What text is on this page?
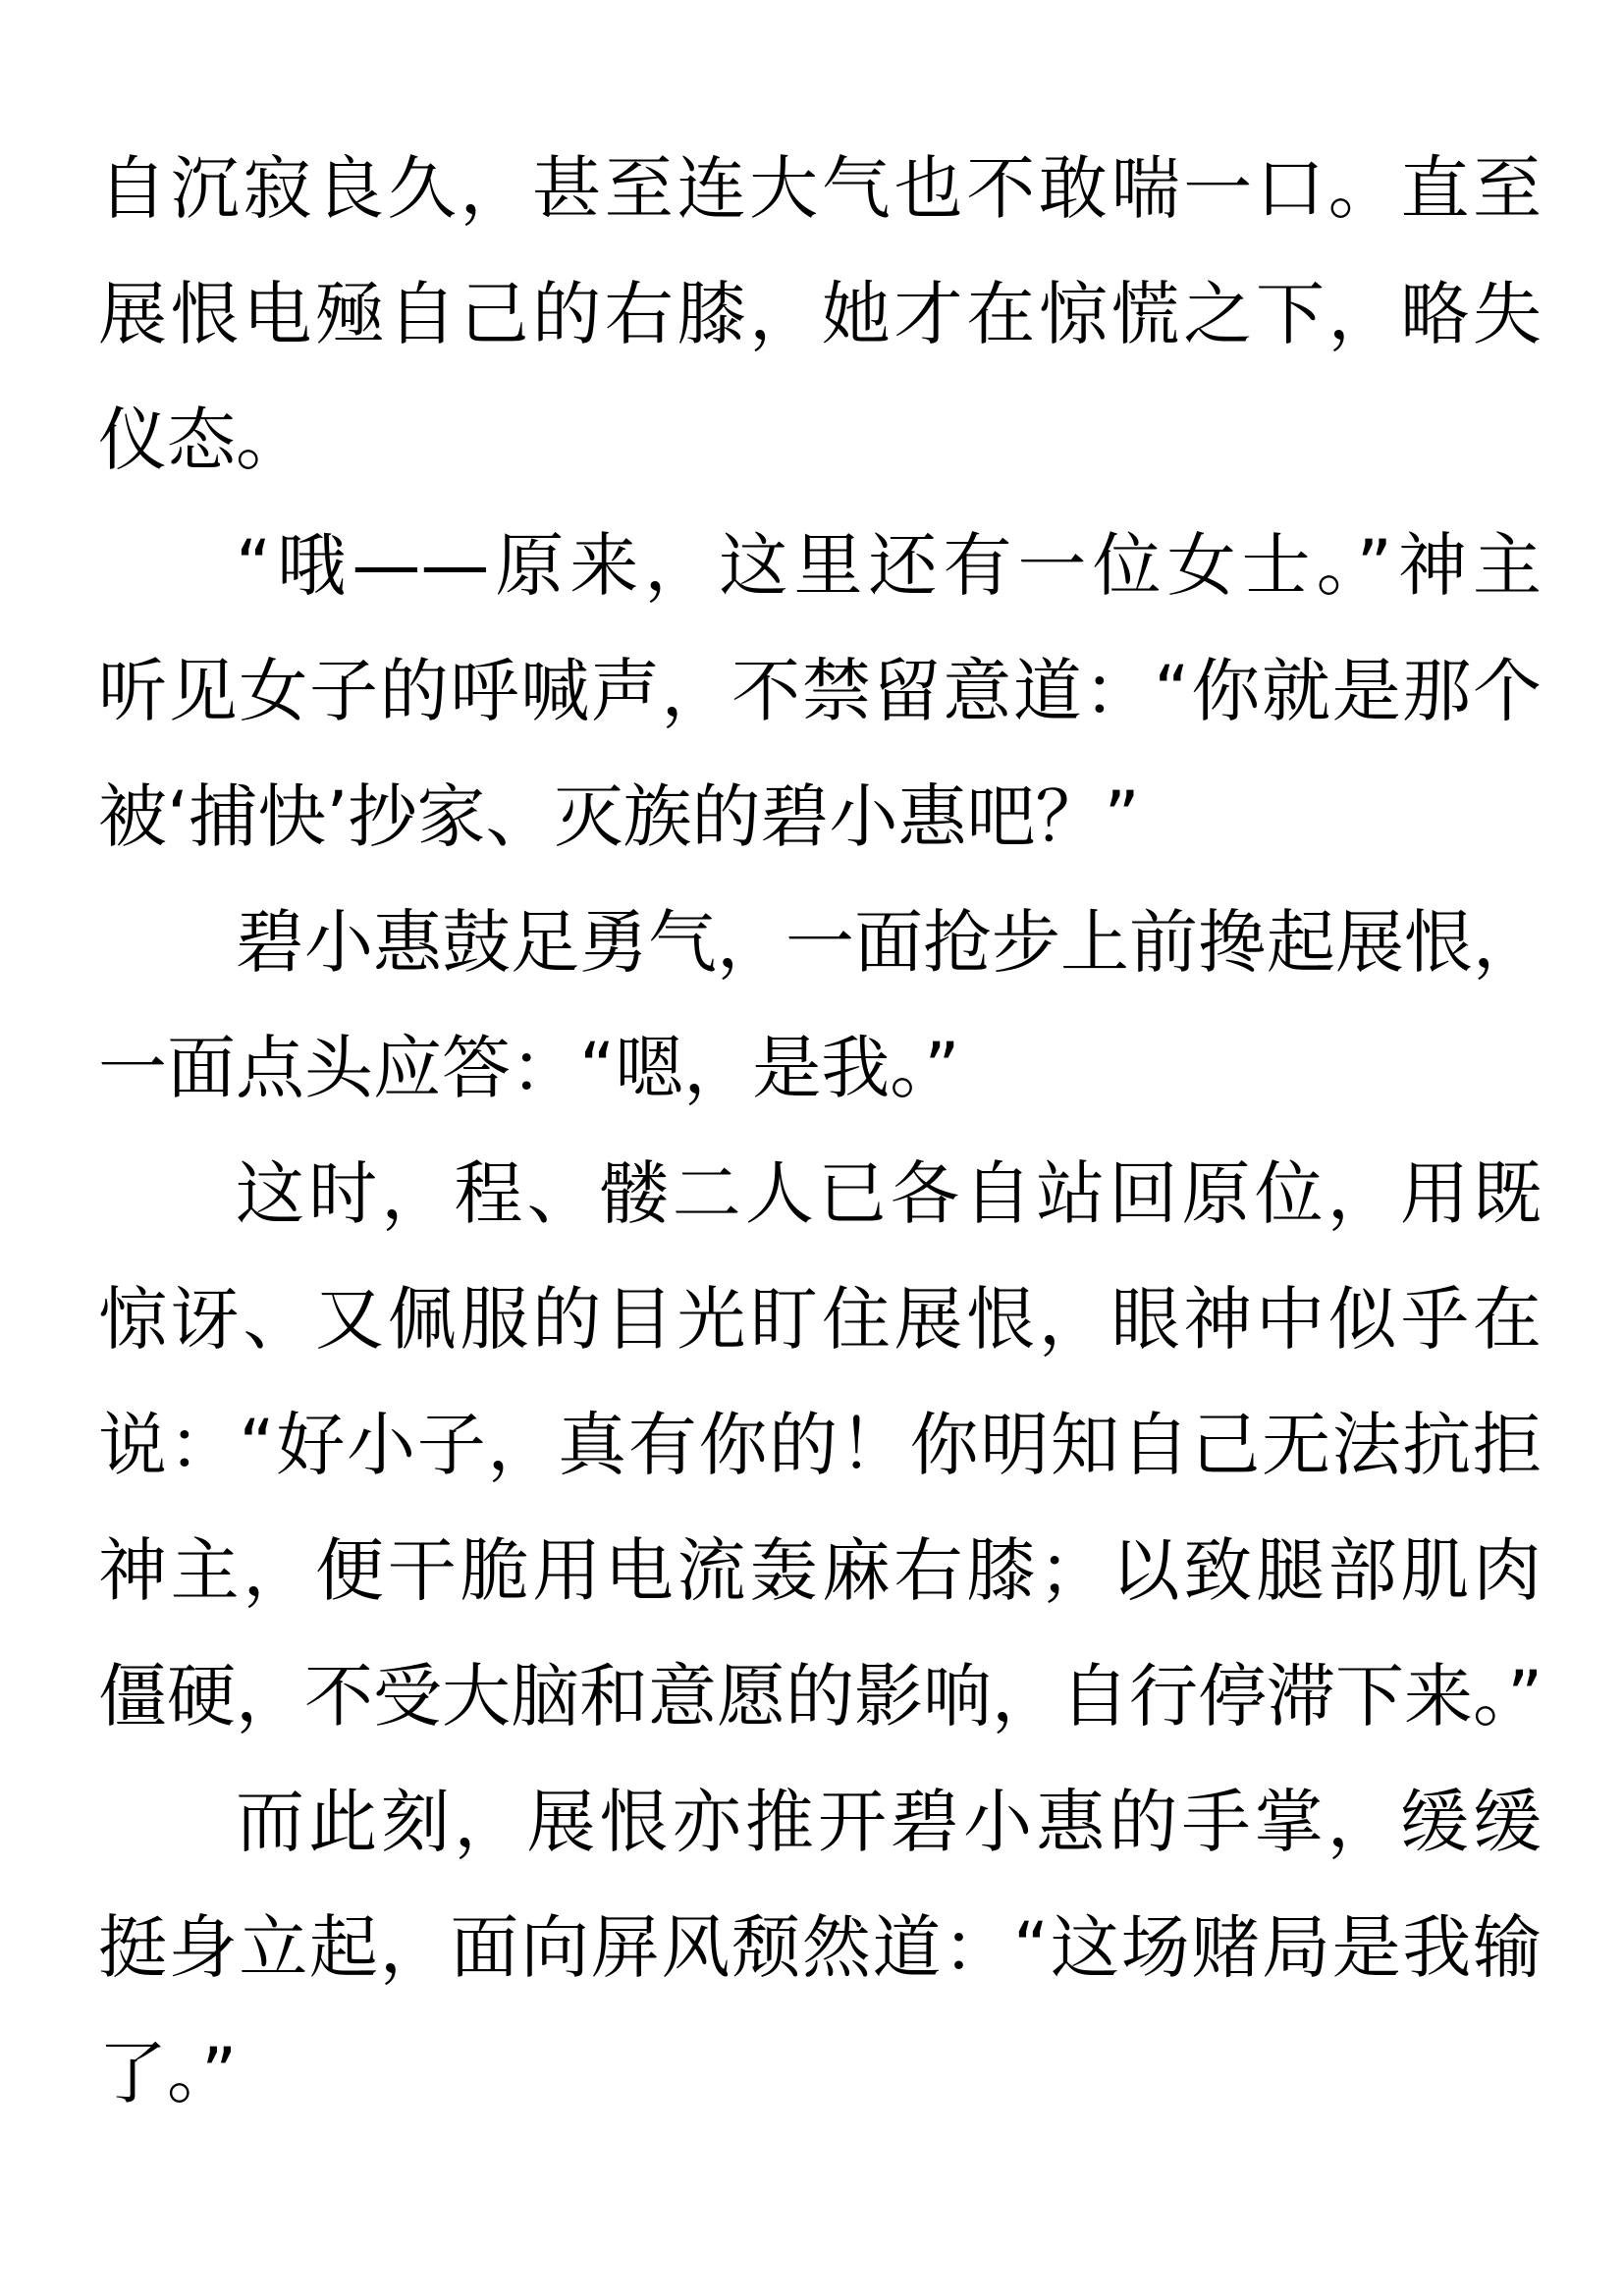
自沉寂良久，甚至连大气也不敢喘一口。直至
展恨电殛自己的右膝，她才在惊慌之下，略失
仪态。
“哦——原来，这里还有一位女士。”神主
听见女子的呼喊声，不禁留意道：“你就是那个
被‘捕快’抄家、灭族的碧小惠吧？”
碧小惠鼓足勇气，一面抢步上前搀起展恨，
一面点头应答：“嗯，是我。”
这时，程、髅二人已各自站回原位，用既
惊讶、又佩服的目光盯住展恨，眼神中似乎在
说：“好小子，真有你的！你明知自己无法抗拒
神主，便干脆用电流轰麻右膝；以致腿部肌肉
僵硬，不受大脑和意愿的影响，自行停滞下来。”
而此刻，展恨亦推开碧小惠的手掌，缓缓
挺身立起，面向屏风颓然道：“这场赌局是我输
了。”
